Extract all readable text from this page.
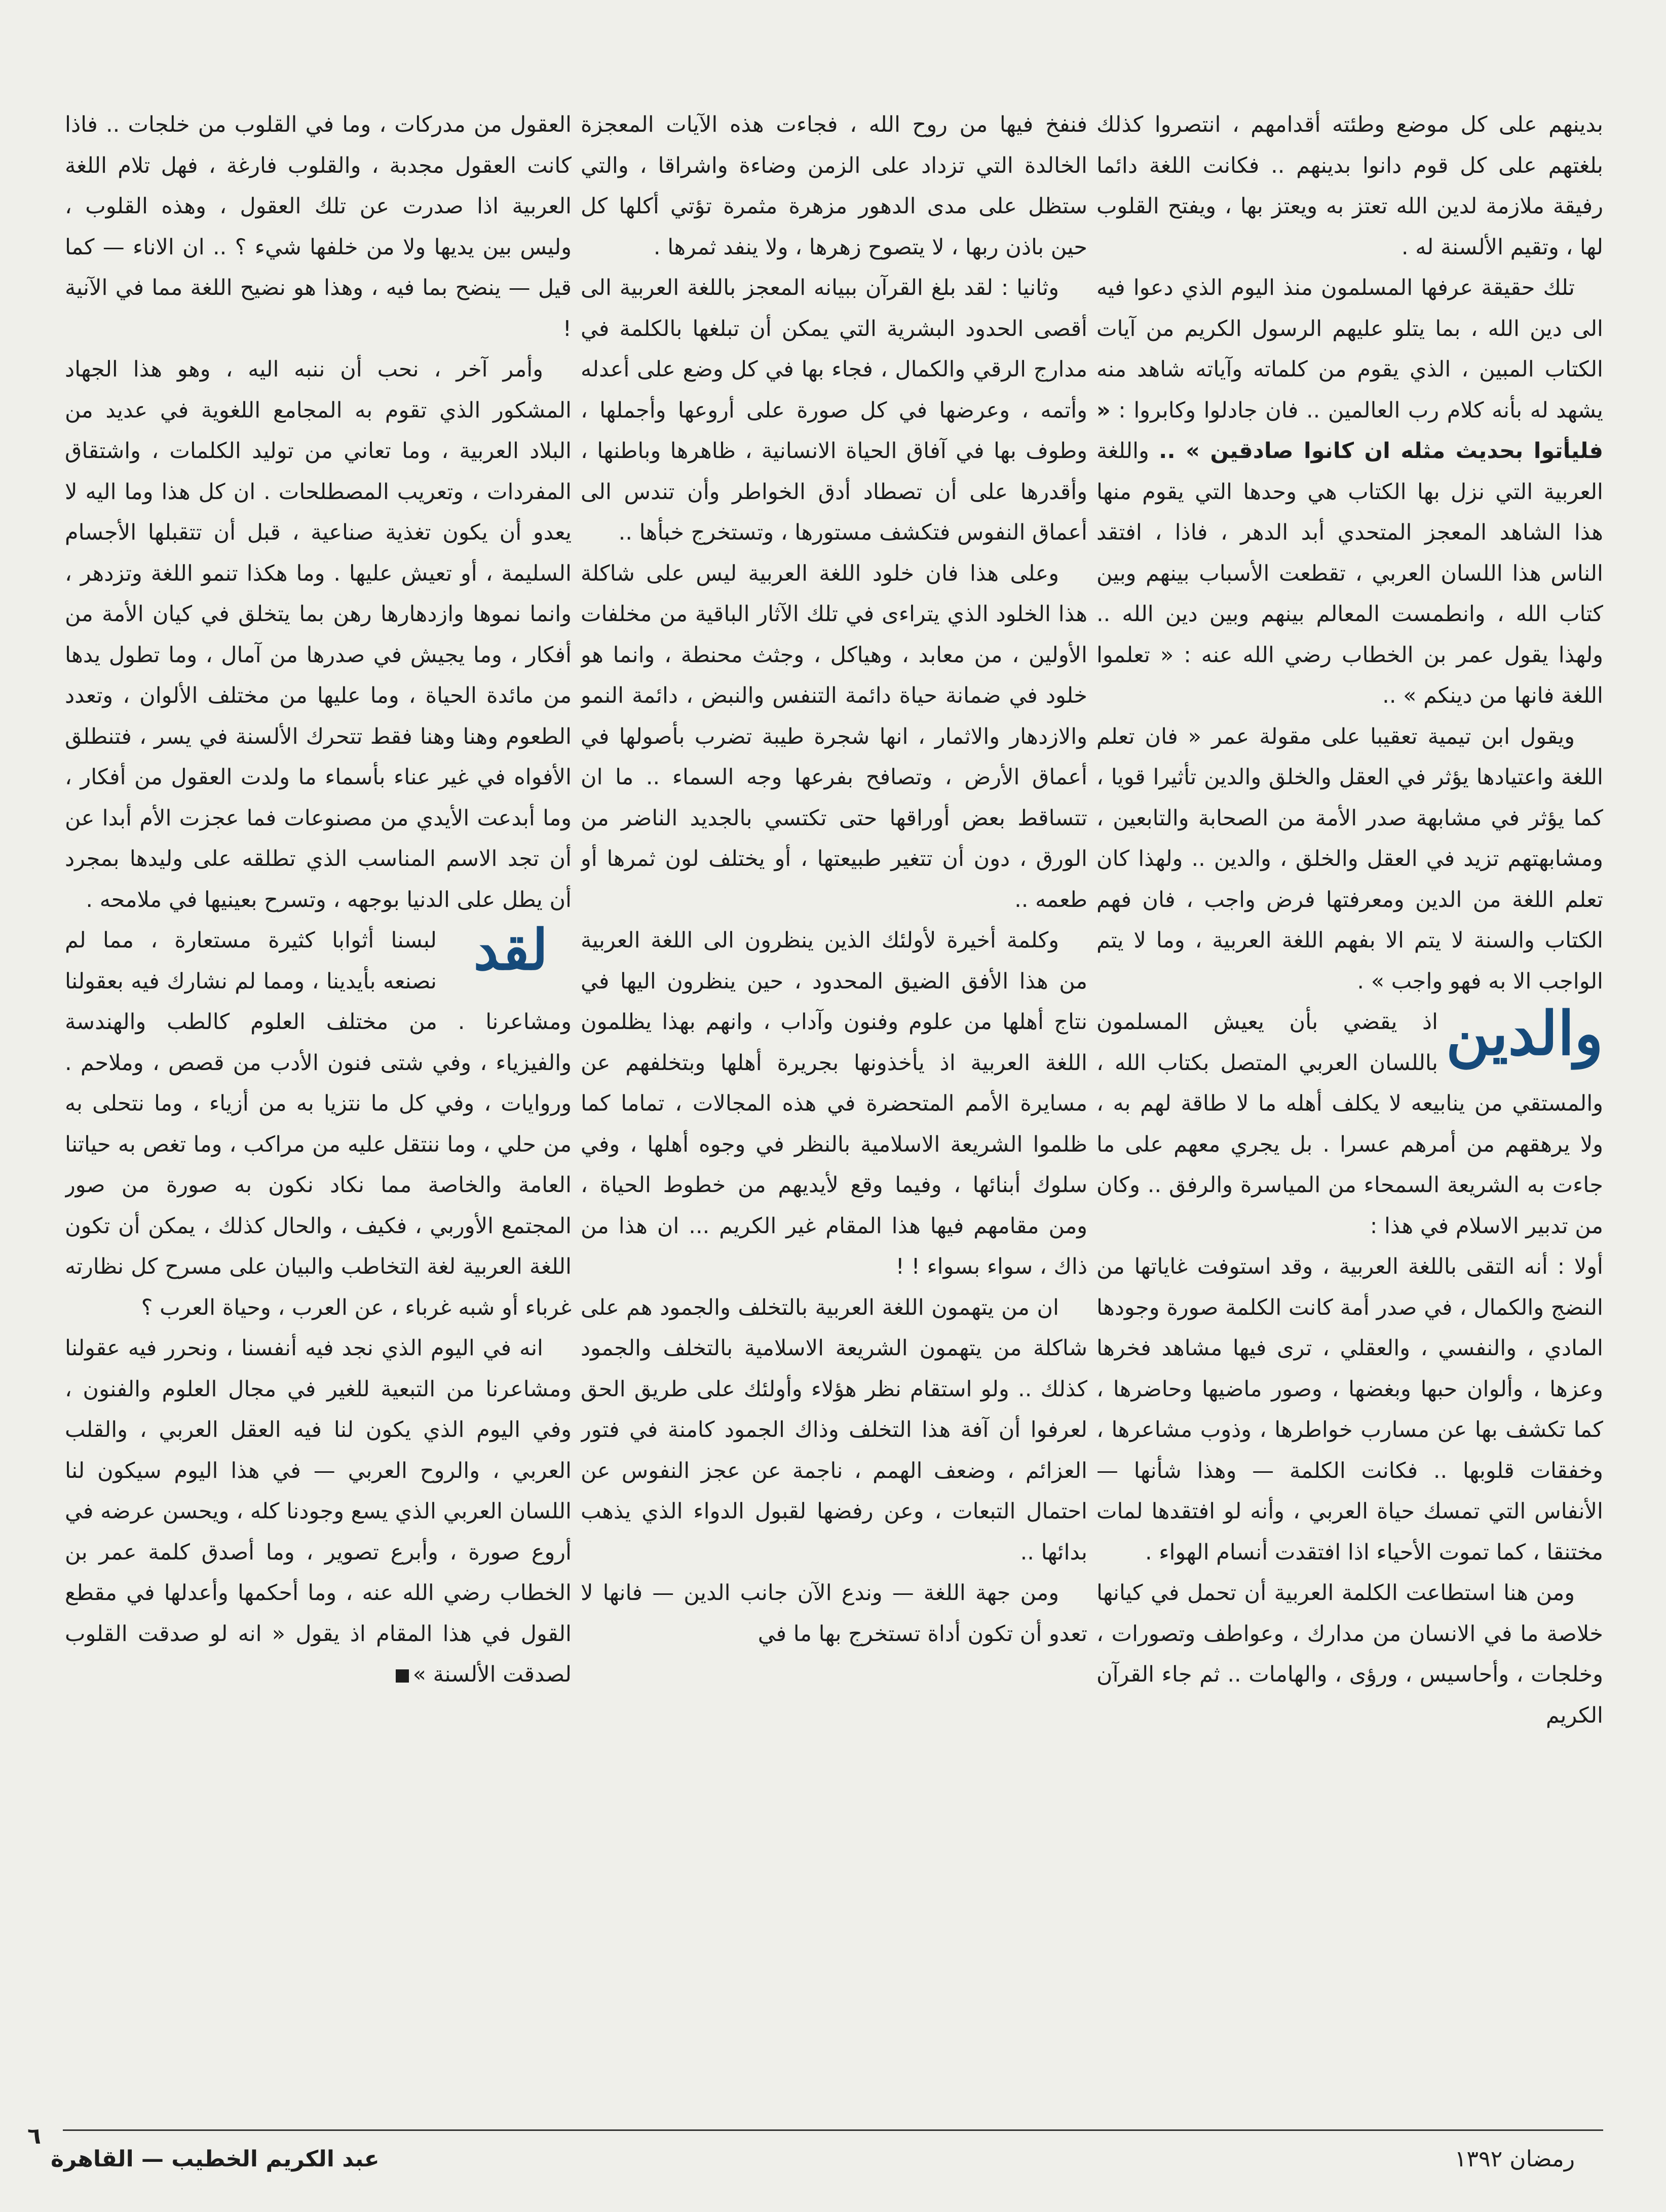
بدينهم على كل موضع وطئته أقدامهم ، انتصروا كذلك بلغتهم على كل قوم دانوا بدينهم .. فكانت اللغة دائما رفيقة ملازمة لدين الله تعتز به ويعتز بها ، ويفتح القلوب لها ، وتقيم الألسنة له .

تلك حقيقة عرفها المسلمون منذ اليوم الذي دعوا فيه الى دين الله ، بما يتلو عليهم الرسول الكريم من آيات الكتاب المبين ، الذي يقوم من كلماته وآياته شاهد منه يشهد له بأنه كلام رب العالمين .. فان جادلوا وكابروا : « فليأتوا بحديث مثله ان كانوا صادقين » .. واللغة العربية التي نزل بها الكتاب هي وحدها التي يقوم منها هذا الشاهد المعجز المتحدي أبد الدهر ، فاذا ، افتقد الناس هذا اللسان العربي ، تقطعت الأسباب بينهم وبين كتاب الله ، وانطمست المعالم بينهم وبين دين الله .. ولهذا يقول عمر بن الخطاب رضي الله عنه : « تعلموا اللغة فانها من دينكم » ..

ويقول ابن تيمية تعقيبا على مقولة عمر « فان تعلم اللغة واعتيادها يؤثر في العقل والخلق والدين تأثيرا قويا ، كما يؤثر في مشابهة صدر الأمة من الصحابة والتابعين ، ومشابهتهم تزيد في العقل والخلق ، والدين .. ولهذا كان تعلم اللغة من الدين ومعرفتها فرض واجب ، فان فهم الكتاب والسنة لا يتم الا بفهم اللغة العربية ، وما لا يتم الواجب الا به فهو واجب » .

والدين
اذ يقضي بأن يعيش المسلمون باللسان العربي المتصل بكتاب الله ، والمستقي من ينابيعه لا يكلف أهله ما لا طاقة لهم به ، ولا يرهقهم من أمرهم عسرا . بل يجري معهم على ما جاءت به الشريعة السمحاء من المياسرة والرفق .. وكان من تدبير الاسلام في هذا :

أولا : أنه التقى باللغة العربية ، وقد استوفت غاياتها من النضج والكمال ، في صدر أمة كانت الكلمة صورة وجودها المادي ، والنفسي ، والعقلي ، ترى فيها مشاهد فخرها وعزها ، وألوان حبها وبغضها ، وصور ماضيها وحاضرها ، كما تكشف بها عن مسارب خواطرها ، وذوب مشاعرها ، وخفقات قلوبها .. فكانت الكلمة — وهذا شأنها — الأنفاس التي تمسك حياة العربي ، وأنه لو افتقدها لمات مختنقا ، كما تموت الأحياء اذا افتقدت أنسام الهواء .

ومن هنا استطاعت الكلمة العربية أن تحمل في كيانها خلاصة ما في الانسان من مدارك ، وعواطف وتصورات ، وخلجات ، وأحاسيس ، ورؤى ، والهامات .. ثم جاء القرآن الكريم

فنفخ فيها من روح الله ، فجاءت هذه الآيات المعجزة الخالدة التي تزداد على الزمن وضاءة واشراقا ، والتي ستظل على مدى الدهور مزهرة مثمرة تؤتي أكلها كل حين باذن ربها ، لا يتصوح زهرها ، ولا ينفد ثمرها .

وثانيا : لقد بلغ القرآن ببيانه المعجز باللغة العربية الى أقصى الحدود البشرية التي يمكن أن تبلغها بالكلمة في مدارج الرقي والكمال ، فجاء بها في كل وضع على أعدله وأتمه ، وعرضها في كل صورة على أروعها وأجملها ، وطوف بها في آفاق الحياة الانسانية ، ظاهرها وباطنها ، وأقدرها على أن تصطاد أدق الخواطر وأن تندس الى أعماق النفوس فتكشف مستورها ، وتستخرج خبأها ..

وعلى هذا فان خلود اللغة العربية ليس على شاكلة هذا الخلود الذي يتراءى في تلك الآثار الباقية من مخلفات الأولين ، من معابد ، وهياكل ، وجثث محنطة ، وانما هو خلود في ضمانة حياة دائمة التنفس والنبض ، دائمة النمو والازدهار والاثمار ، انها شجرة طيبة تضرب بأصولها في أعماق الأرض ، وتصافح بفرعها وجه السماء .. ما ان تتساقط بعض أوراقها حتى تكتسي بالجديد الناضر من الورق ، دون أن تتغير طبيعتها ، أو يختلف لون ثمرها أو طعمه ..

وكلمة أخيرة لأولئك الذين ينظرون الى اللغة العربية من هذا الأفق الضيق المحدود ، حين ينظرون اليها في نتاج أهلها من علوم وفنون وآداب ، وانهم بهذا يظلمون اللغة العربية اذ يأخذونها بجريرة أهلها وبتخلفهم عن مسايرة الأمم المتحضرة في هذه المجالات ، تماما كما ظلموا الشريعة الاسلامية بالنظر في وجوه أهلها ، وفي سلوك أبنائها ، وفيما وقع لأيديهم من خطوط الحياة ، ومن مقامهم فيها هذا المقام غير الكريم ... ان هذا من ذاك ، سواء بسواء ! !

ان من يتهمون اللغة العربية بالتخلف والجمود هم على شاكلة من يتهمون الشريعة الاسلامية بالتخلف والجمود كذلك .. ولو استقام نظر هؤلاء وأولئك على طريق الحق لعرفوا أن آفة هذا التخلف وذاك الجمود كامنة في فتور العزائم ، وضعف الهمم ، ناجمة عن عجز النفوس عن احتمال التبعات ، وعن رفضها لقبول الدواء الذي يذهب بدائها ..

ومن جهة اللغة — وندع الآن جانب الدين — فانها لا تعدو أن تكون أداة تستخرج بها ما في

العقول من مدركات ، وما في القلوب من خلجات .. فاذا كانت العقول مجدبة ، والقلوب فارغة ، فهل تلام اللغة العربية اذا صدرت عن تلك العقول ، وهذه القلوب ، وليس بين يديها ولا من خلفها شيء ؟ .. ان الاناء — كما قيل — ينضح بما فيه ، وهذا هو نضيح اللغة مما في الآنية !

وأمر آخر ، نحب أن ننبه اليه ، وهو هذا الجهاد المشكور الذي تقوم به المجامع اللغوية في عديد من البلاد العربية ، وما تعاني من توليد الكلمات ، واشتقاق المفردات ، وتعريب المصطلحات . ان كل هذا وما اليه لا يعدو أن يكون تغذية صناعية ، قبل أن تتقبلها الأجسام السليمة ، أو تعيش عليها . وما هكذا تنمو اللغة وتزدهر ، وانما نموها وازدهارها رهن بما يتخلق في كيان الأمة من أفكار ، وما يجيش في صدرها من آمال ، وما تطول يدها من مائدة الحياة ، وما عليها من مختلف الألوان ، وتعدد الطعوم وهنا وهنا فقط تتحرك الألسنة في يسر ، فتنطلق الأفواه في غير عناء بأسماء ما ولدت العقول من أفكار ، وما أبدعت الأيدي من مصنوعات فما عجزت الأم أبدا عن أن تجد الاسم المناسب الذي تطلقه على وليدها بمجرد أن يطل على الدنيا بوجهه ، وتسرح بعينيها في ملامحه .

لقد
لبسنا أثوابا كثيرة مستعارة ، مما لم نصنعه بأيدينا ، ومما لم نشارك فيه بعقولنا ومشاعرنا . من مختلف العلوم كالطب والهندسة والفيزياء ، وفي شتى فنون الأدب من قصص ، وملاحم . وروايات ، وفي كل ما نتزيا به من أزياء ، وما نتحلى به من حلي ، وما ننتقل عليه من مراكب ، وما تغص به حياتنا العامة والخاصة مما نكاد نكون به صورة من صور المجتمع الأوربي ، فكيف ، والحال كذلك ، يمكن أن تكون اللغة العربية لغة التخاطب والبيان على مسرح كل نظارته غرباء أو شبه غرباء ، عن العرب ، وحياة العرب ؟

انه في اليوم الذي نجد فيه أنفسنا ، ونحرر فيه عقولنا ومشاعرنا من التبعية للغير في مجال العلوم والفنون ، وفي اليوم الذي يكون لنا فيه العقل العربي ، والقلب العربي ، والروح العربي — في هذا اليوم سيكون لنا اللسان العربي الذي يسع وجودنا كله ، ويحسن عرضه في أروع صورة ، وأبرع تصوير ، وما أصدق كلمة عمر بن الخطاب رضي الله عنه ، وما أحكمها وأعدلها في مقطع القول في هذا المقام اذ يقول « انه لو صدقت القلوب لصدقت الألسنة »

عبد الكريم الخطيب — القاهرة	رمضان ١٣٩٢
٦
